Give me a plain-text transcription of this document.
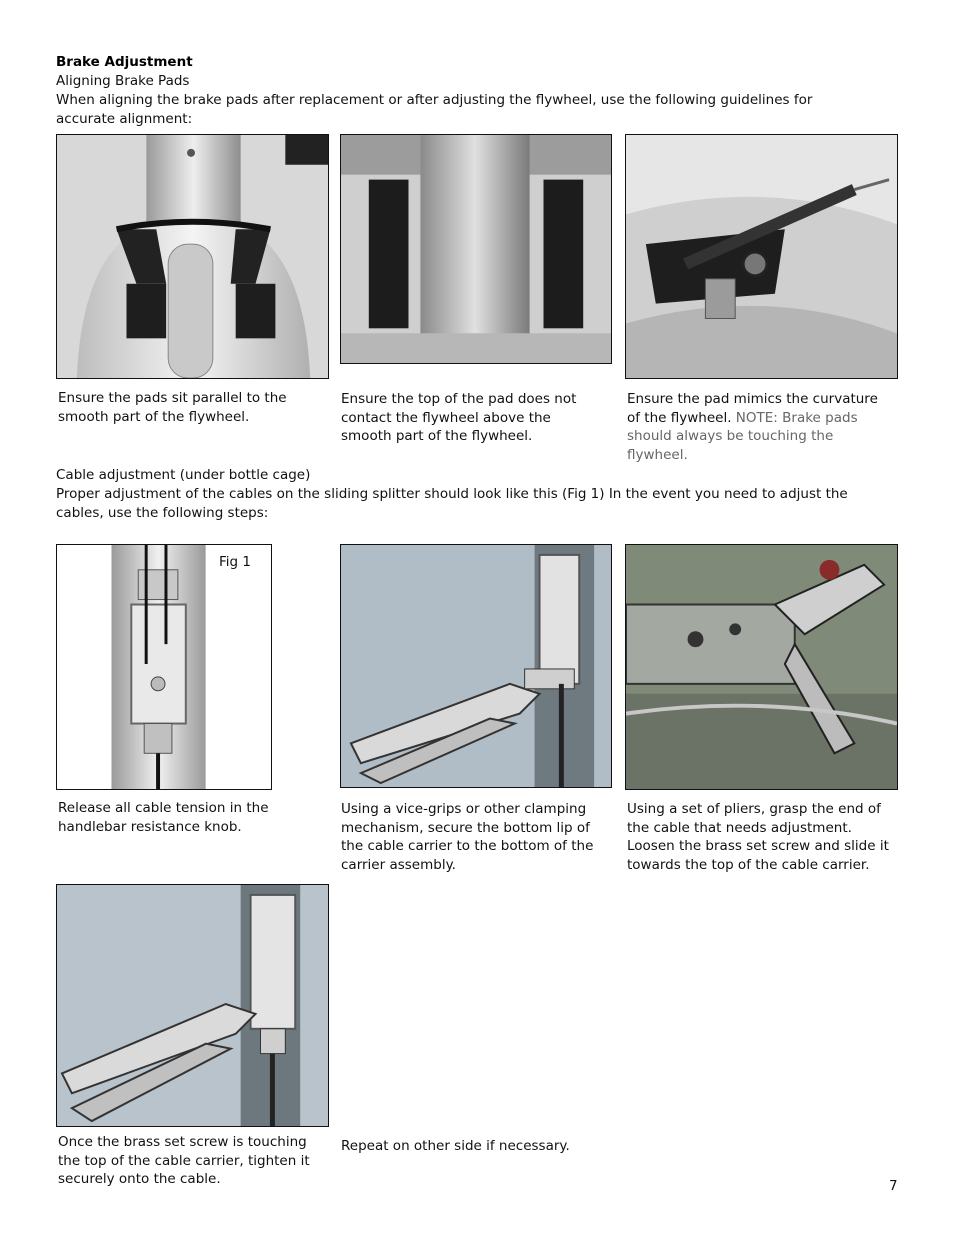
Brake Adjustment
Aligning Brake Pads
When aligning the brake pads after replacement or after adjusting the flywheel, use the following guidelines for accurate alignment:
Ensure the pads sit parallel to the smooth part of the flywheel.
Ensure the top of the pad does not contact the flywheel above the smooth part of the flywheel.
Ensure the pad mimics the curvature of the flywheel. NOTE: Brake pads should always be touching the flywheel.
Cable adjustment (under bottle cage)
Proper adjustment of the cables on the sliding splitter should look like this (Fig 1) In the event you need to adjust the cables, use the following steps:
Fig 1
Release all cable tension in the handlebar resistance knob.
Using a vice-grips or other clamping mechanism, secure the bottom lip of the cable carrier to the bottom of the carrier assembly.
Using a set of pliers, grasp the end of the cable that needs adjustment. Loosen the brass set screw and slide it towards the top of the cable carrier.
Once the brass set screw is touching the top of the cable carrier, tighten it securely onto the cable.
Repeat on other side if necessary.
7
